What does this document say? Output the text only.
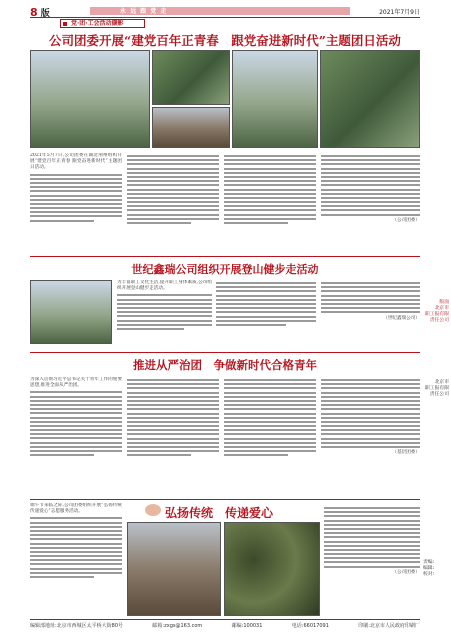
8 版	永 远 跟 党 走	2021年7月9日
党·团·工会活动撷影
公司团委开展“建党百年正青春　跟党奋进新时代”主题团日活动
2021年5月7日,公司团委在湖北荆州组织开展“建党百年正青春 跟党奋进新时代”主题团日活动。
（公司团委）
世纪鑫瑞公司组织开展登山健步走活动
为丰富职工文化生活,提升职工身体素质,公司组织开展登山健步走活动。
（世纪鑫瑞公司）
推进从严治团　争做新时代合格青年
为深入贯彻习近平总书记关于青年工作的重要思想,推进全面从严治团。
（基层团委）
端午节来临之际,公司团委组织开展“弘扬传统 传递爱心”志愿服务活动。	弘扬传统　传递爱心
（公司团委）
版面
北京市
职工报有限
责任公司
北京市
职工报有限
责任公司
责编:
编辑:
校对:
编辑部地址:北京市西城区太平桥大街80号	邮箱:zxgs@163.com	邮编:100031	电话:66017091	印刷:北京市人民政府印刷厂
